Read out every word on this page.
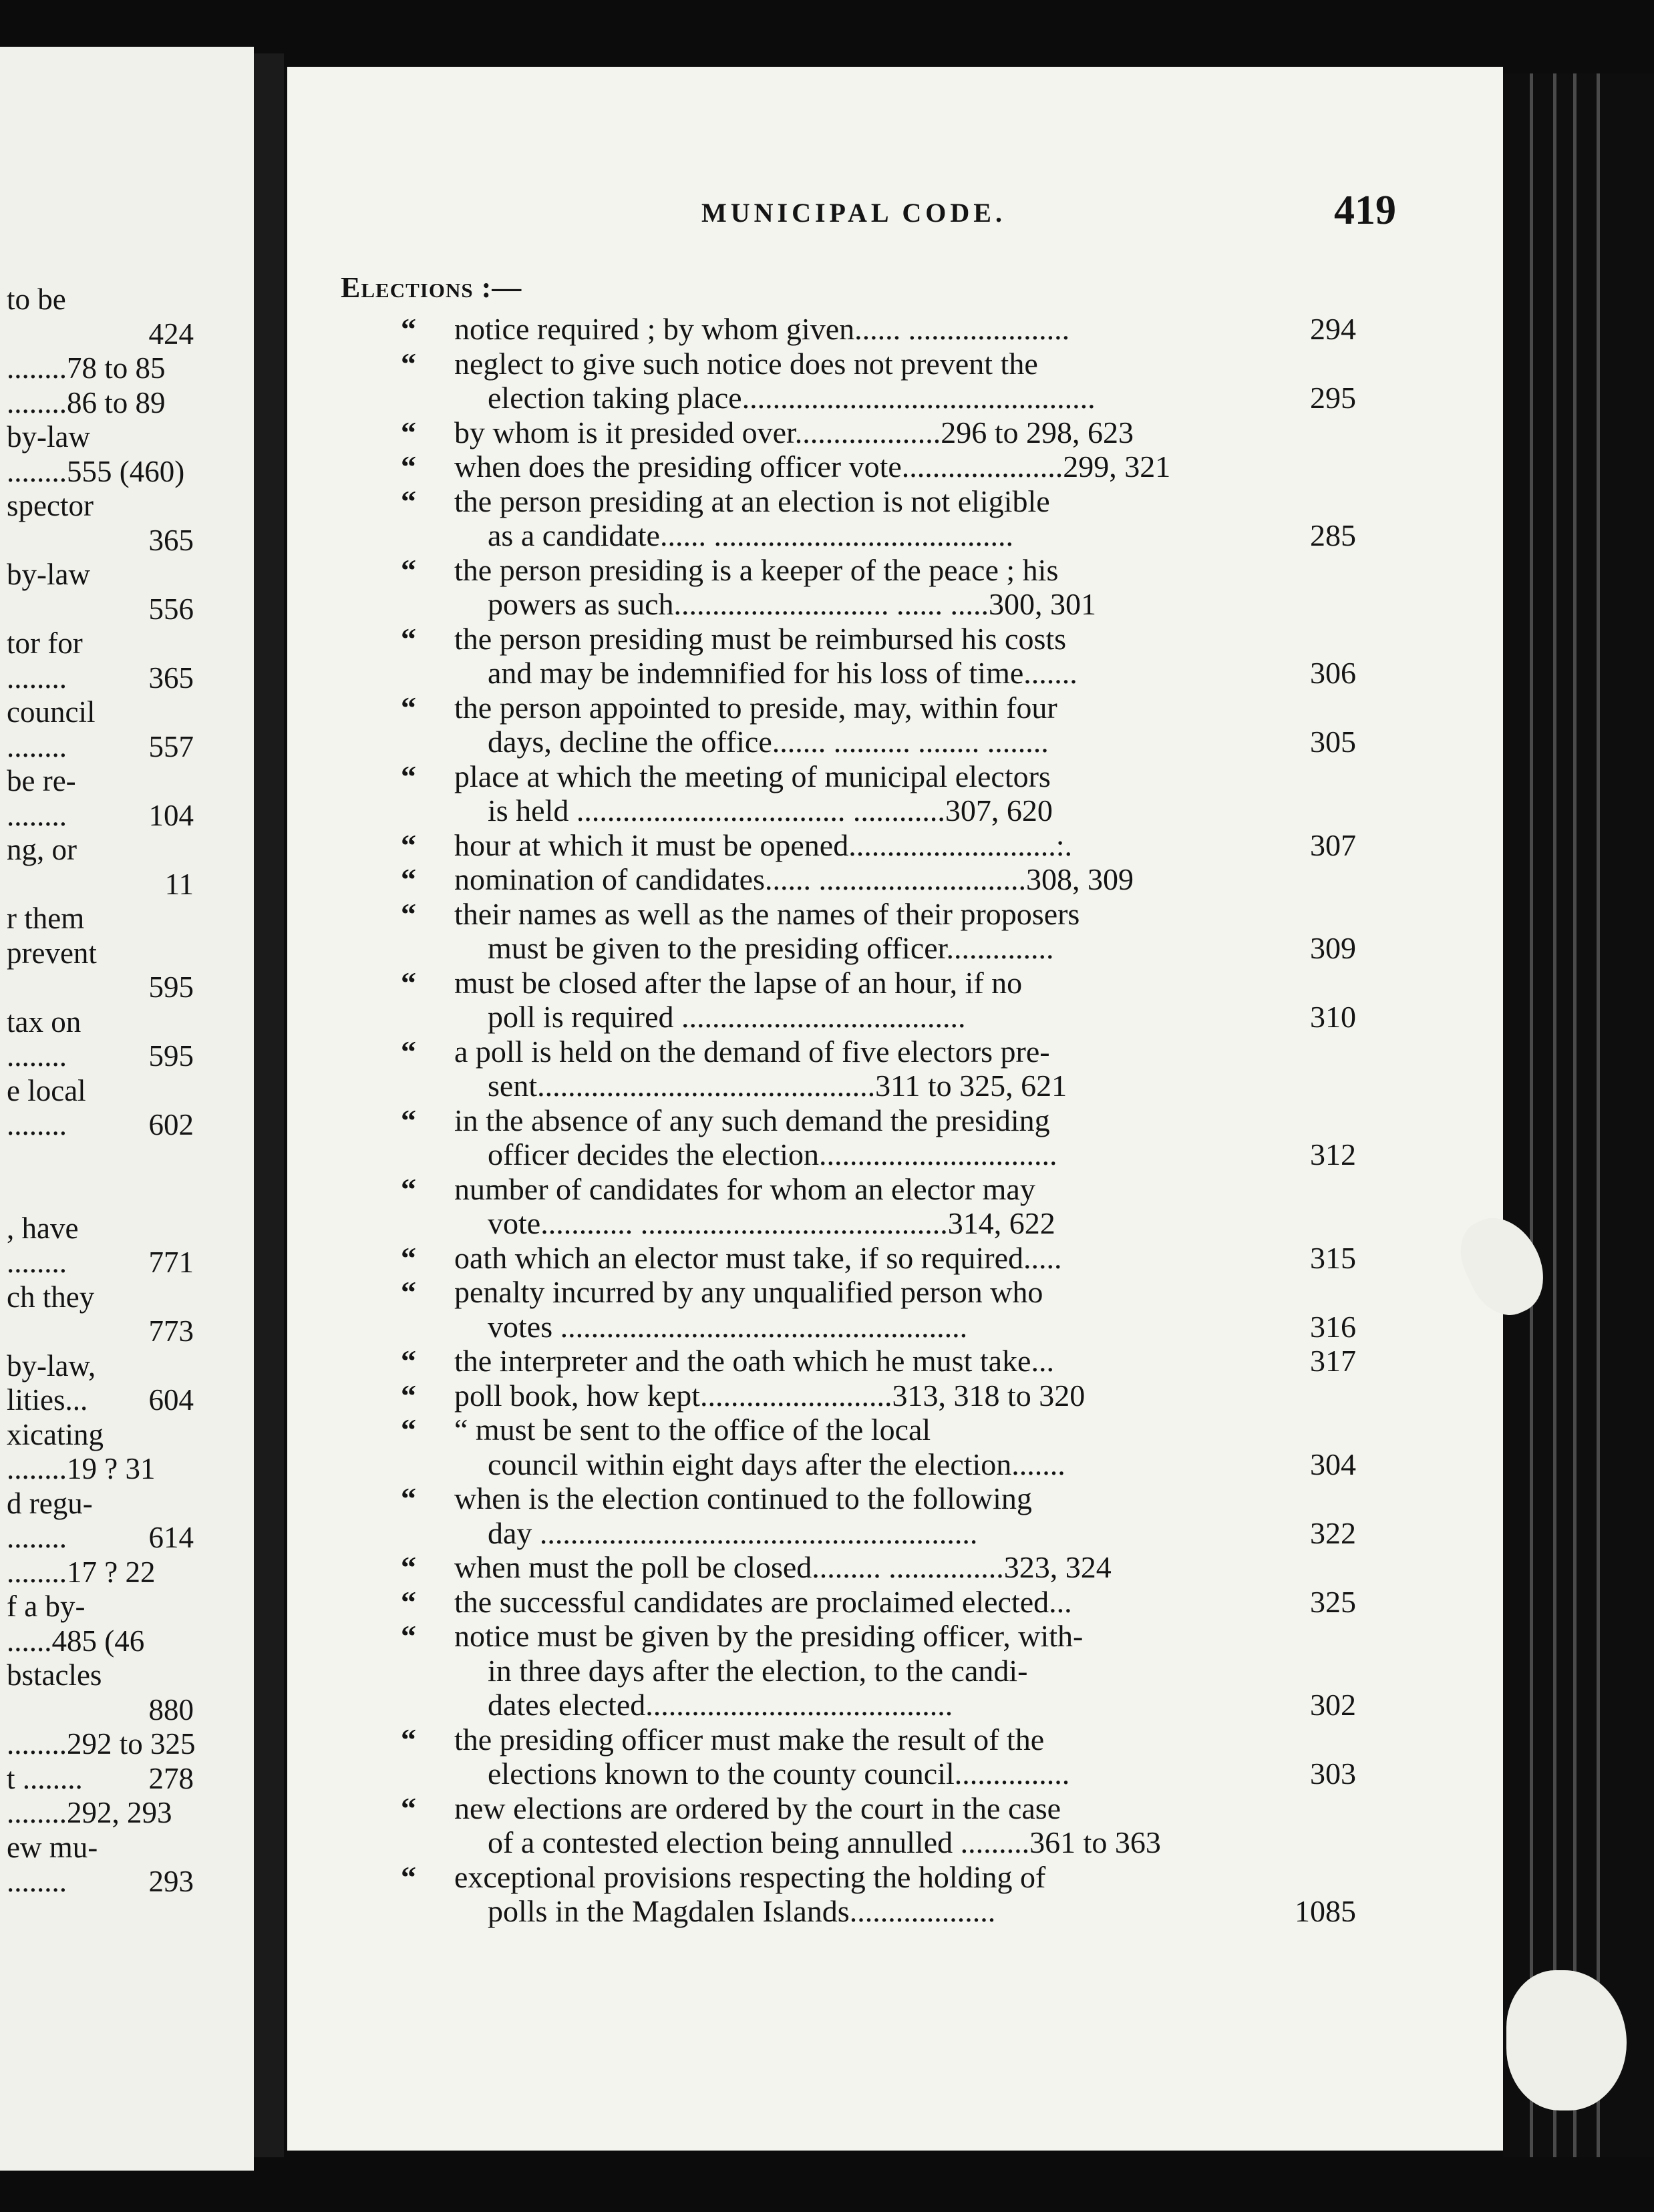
to be
424
........78 to 85
........86 to 89
by-law
........555 (460)
spector
365
by-law
556
tor for
........	365
council
........	557
be re-
........	104
ng, or
11
r them
prevent
595
tax on
........	595
e local
........	602
, have
........	771
ch they
773
by-law,
lities... 604
xicating
........19 ? 31
d regu-
........	614
........17 ? 22
f a by-
......485 (46
bstacles
880
........292 to 325
t ........ 278
........292, 293
ew mu-
........	293
MUNICIPAL CODE.	419
Elections :—
“ notice required ; by whom given...... .....................	294
“ neglect to give such notice does not prevent the
election taking place..............................................	295
“ by whom is it presided over...................296 to 298, 623
“ when does the presiding officer vote.....................299, 321
“ the person presiding at an election is not eligible
as a candidate...... .......................................	285
“ the person presiding is a keeper of the peace ; his
powers as such............................ ...... .....300, 301
“ the person presiding must be reimbursed his costs
and may be indemnified for his loss of time.......	306
“ the person appointed to preside, may, within four
days, decline the office....... .......... ........ ........	305
“ place at which the meeting of municipal electors
is held ................................... ............307, 620
“ hour at which it must be opened...........................:.	307
“ nomination of candidates...... ...........................308, 309
“ their names as well as the names of their proposers
must be given to the presiding officer..............	309
“ must be closed after the lapse of an hour, if no
poll is required .....................................	310
“ a poll is held on the demand of five electors pre-
sent............................................311 to 325, 621
“ in the absence of any such demand the presiding
officer decides the election...............................	312
“ number of candidates for whom an elector may
vote............ ........................................314, 622
“ oath which an elector must take, if so required.....	315
“ penalty incurred by any unqualified person who
votes .....................................................	316
“ the interpreter and the oath which he must take...	317
“ poll book, how kept.........................313, 318 to 320
“ “ must be sent to the office of the local
council within eight days after the election.......	304
“ when is the election continued to the following
day .........................................................	322
“ when must the poll be closed......... ...............323, 324
“ the successful candidates are proclaimed elected...	325
“ notice must be given by the presiding officer, with-
in three days after the election, to the candi-
dates elected........................................	302
“ the presiding officer must make the result of the
elections known to the county council...............	303
“ new elections are ordered by the court in the case
of a contested election being annulled .........361 to 363
“ exceptional provisions respecting the holding of
polls in the Magdalen Islands...................	1085
